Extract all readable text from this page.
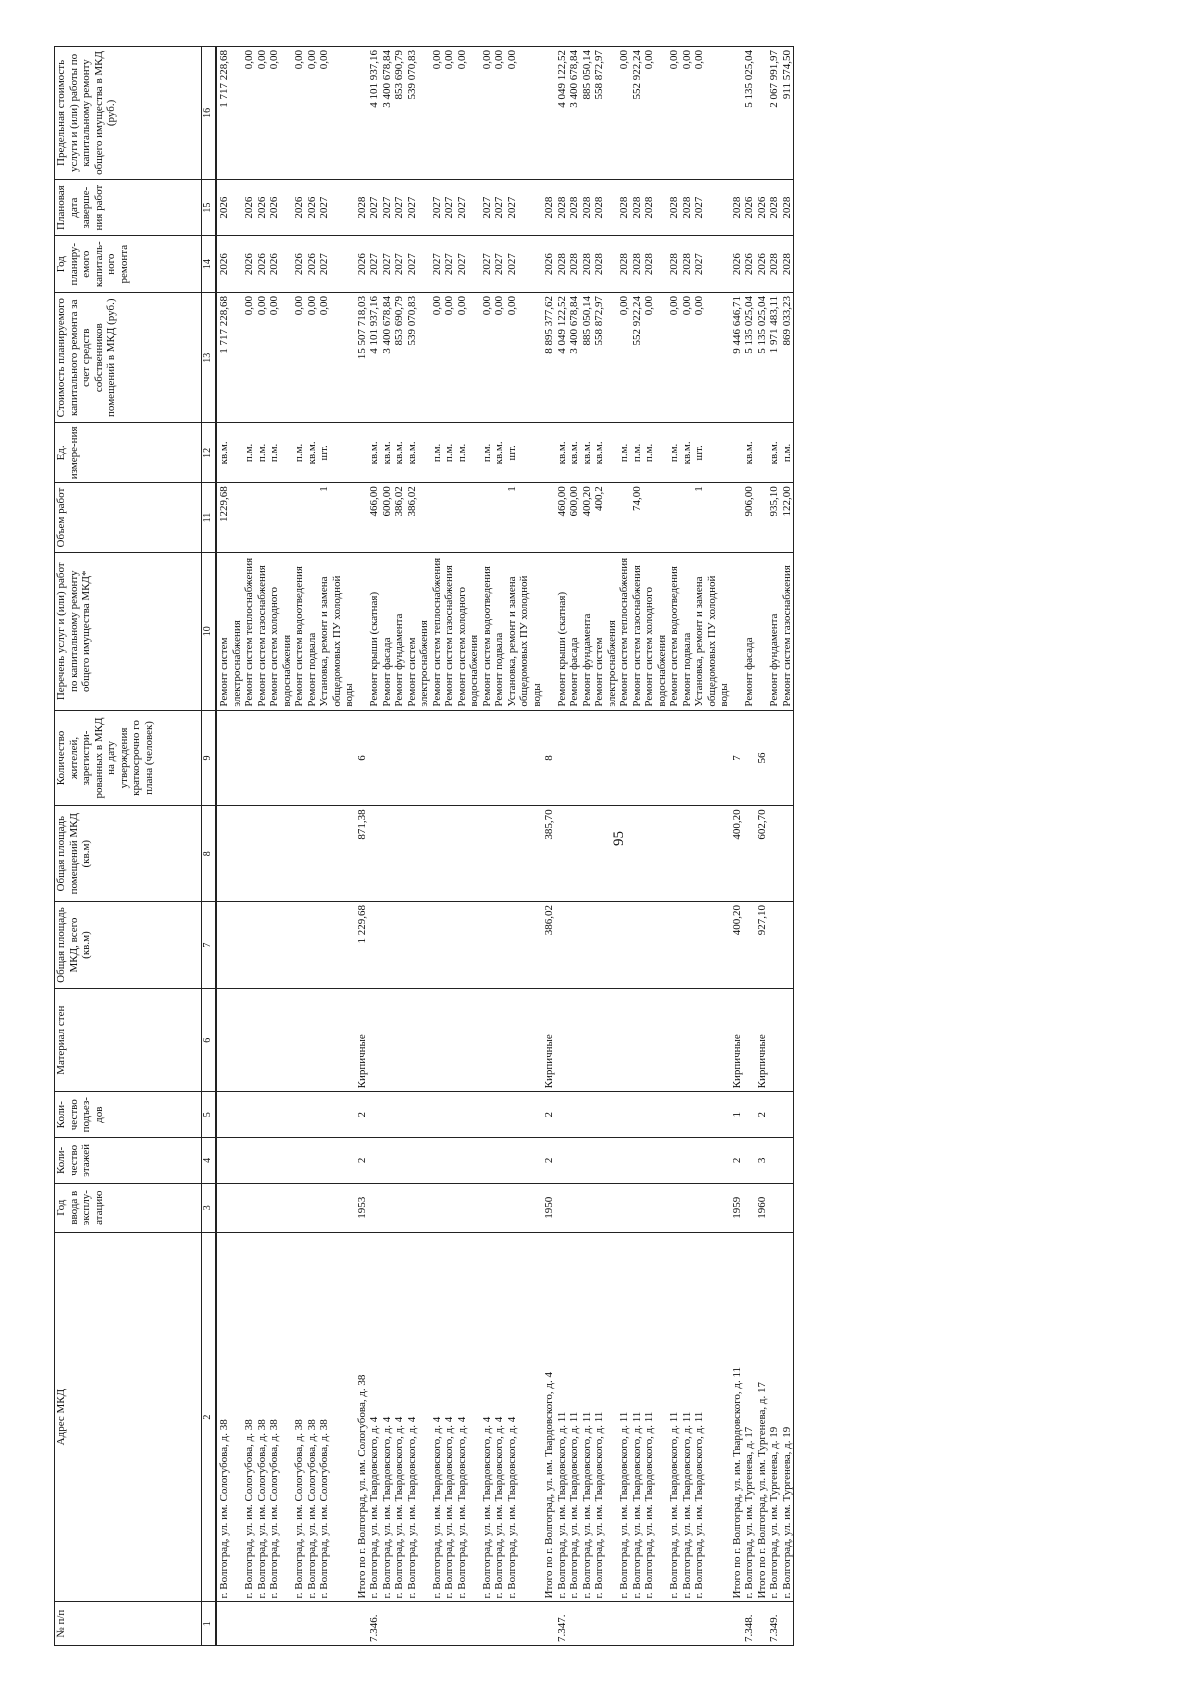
95
№ п/п	Адрес МКД	Год ввода в эксплу-атацию	Коли-чество этажей	Коли-чество подъез-дов	Материал стен	Общая площадь МКД, всего (кв.м)	Общая площадь помещений МКД (кв.м)	Количество жителей, зарегистри-рованных в МКД на дату утверждения краткосрочно го плана (человек)	Перечень услуг и (или) работ по капитальному ремонту общего имущества МКД*	Объем работ	Ед. измере-ния	Стоимость планируемого капитального ремонта за счет средств собственников помещений в МКД (руб.)	Год планиру-емого капиталь-ного ремонта	Плановая дата заверше-ния работ	Предельная стоимость услуги и (или) работы по капитальному ремонту общего имущества в МКД (руб.)
1	2	3	4	5	6	7	8	9	10	11	12	13	14	15	16
	г. Волгоград, ул. им. Сологубова, д. 38								Ремонт систем электроснабжения	1229,68	кв.м.	1 717 228,68	2026	2026	1 717 228,68
	г. Волгоград, ул. им. Сологубова, д. 38								Ремонт систем теплоснабжения		п.м.	0,00	2026	2026	0,00
	г. Волгоград, ул. им. Сологубова, д. 38								Ремонт систем газоснабжения		п.м.	0,00	2026	2026	0,00
	г. Волгоград, ул. им. Сологубова, д. 38								Ремонт систем холодного водоснабжения		п.м.	0,00	2026	2026	0,00
	г. Волгоград, ул. им. Сологубова, д. 38								Ремонт систем водоотведения		п.м.	0,00	2026	2026	0,00
	г. Волгоград, ул. им. Сологубова, д. 38								Ремонт подвала		кв.м.	0,00	2026	2026	0,00
	г. Волгоград, ул. им. Сологубова, д. 38								Установка, ремонт и замена общедомовых ПУ холодной воды	1	шт.	0,00	2027	2027	0,00
	Итого по г. Волгоград, ул. им. Сологубова, д. 38	1953	2	2	Кирпичные	1 229,68	871,38	6				15 507 718,03	2026	2028	
7.346.	г. Волгоград, ул. им. Твардовского, д. 4								Ремонт крыши (скатная)	466,00	кв.м.	4 101 937,16	2027	2027	4 101 937,16
	г. Волгоград, ул. им. Твардовского, д. 4								Ремонт фасада	600,00	кв.м.	3 400 678,84	2027	2027	3 400 678,84
	г. Волгоград, ул. им. Твардовского, д. 4								Ремонт фундамента	386,02	кв.м.	853 690,79	2027	2027	853 690,79
	г. Волгоград, ул. им. Твардовского, д. 4								Ремонт систем электроснабжения	386,02	кв.м.	539 070,83	2027	2027	539 070,83
	г. Волгоград, ул. им. Твардовского, д. 4								Ремонт систем теплоснабжения		п.м.	0,00	2027	2027	0,00
	г. Волгоград, ул. им. Твардовского, д. 4								Ремонт систем газоснабжения		п.м.	0,00	2027	2027	0,00
	г. Волгоград, ул. им. Твардовского, д. 4								Ремонт систем холодного водоснабжения		п.м.	0,00	2027	2027	0,00
	г. Волгоград, ул. им. Твардовского, д. 4								Ремонт систем водоотведения		п.м.	0,00	2027	2027	0,00
	г. Волгоград, ул. им. Твардовского, д. 4								Ремонт подвала		кв.м.	0,00	2027	2027	0,00
	г. Волгоград, ул. им. Твардовского, д. 4								Установка, ремонт и замена общедомовых ПУ холодной воды	1	шт.	0,00	2027	2027	0,00
	Итого по г. Волгоград, ул. им. Твардовского, д. 4	1950	2	2	Кирпичные	386,02	385,70	8				8 895 377,62	2026	2028	
7.347.	г. Волгоград, ул. им. Твардовского, д. 11								Ремонт крыши (скатная)	460,00	кв.м.	4 049 122,52	2028	2028	4 049 122,52
	г. Волгоград, ул. им. Твардовского, д. 11								Ремонт фасада	600,00	кв.м.	3 400 678,84	2028	2028	3 400 678,84
	г. Волгоград, ул. им. Твардовского, д. 11								Ремонт фундамента	400,20	кв.м.	885 050,14	2028	2028	885 050,14
	г. Волгоград, ул. им. Твардовского, д. 11								Ремонт систем электроснабжения	400,2	кв.м.	558 872,97	2028	2028	558 872,97
	г. Волгоград, ул. им. Твардовского, д. 11								Ремонт систем теплоснабжения		п.м.	0,00	2028	2028	0,00
	г. Волгоград, ул. им. Твардовского, д. 11								Ремонт систем газоснабжения	74,00	п.м.	552 922,24	2028	2028	552 922,24
	г. Волгоград, ул. им. Твардовского, д. 11								Ремонт систем холодного водоснабжения		п.м.	0,00	2028	2028	0,00
	г. Волгоград, ул. им. Твардовского, д. 11								Ремонт систем водоотведения		п.м.	0,00	2028	2028	0,00
	г. Волгоград, ул. им. Твардовского, д. 11								Ремонт подвала		кв.м.	0,00	2028	2028	0,00
	г. Волгоград, ул. им. Твардовского, д. 11								Установка, ремонт и замена общедомовых ПУ холодной воды	1	шт.	0,00	2027	2027	0,00
	Итого по г. Волгоград, ул. им. Твардовского, д. 11	1959	2	1	Кирпичные	400,20	400,20	7				9 446 646,71	2026	2028	
7.348.	г. Волгоград, ул. им. Тургенева, д. 17								Ремонт фасада	906,00	кв.м.	5 135 025,04	2026	2026	5 135 025,04
	Итого по г. Волгоград, ул. им. Тургенева, д. 17	1960	3	2	Кирпичные	927,10	602,70	56				5 135 025,04	2026	2026	
7.349.	г. Волгоград, ул. им. Тургенева, д. 19								Ремонт фундамента	935,10	кв.м.	1 971 483,11	2028	2028	2 067 991,97
	г. Волгоград, ул. им. Тургенева, д. 19								Ремонт систем газоснабжения	122,00	п.м.	869 033,23	2028	2028	911 574,50
